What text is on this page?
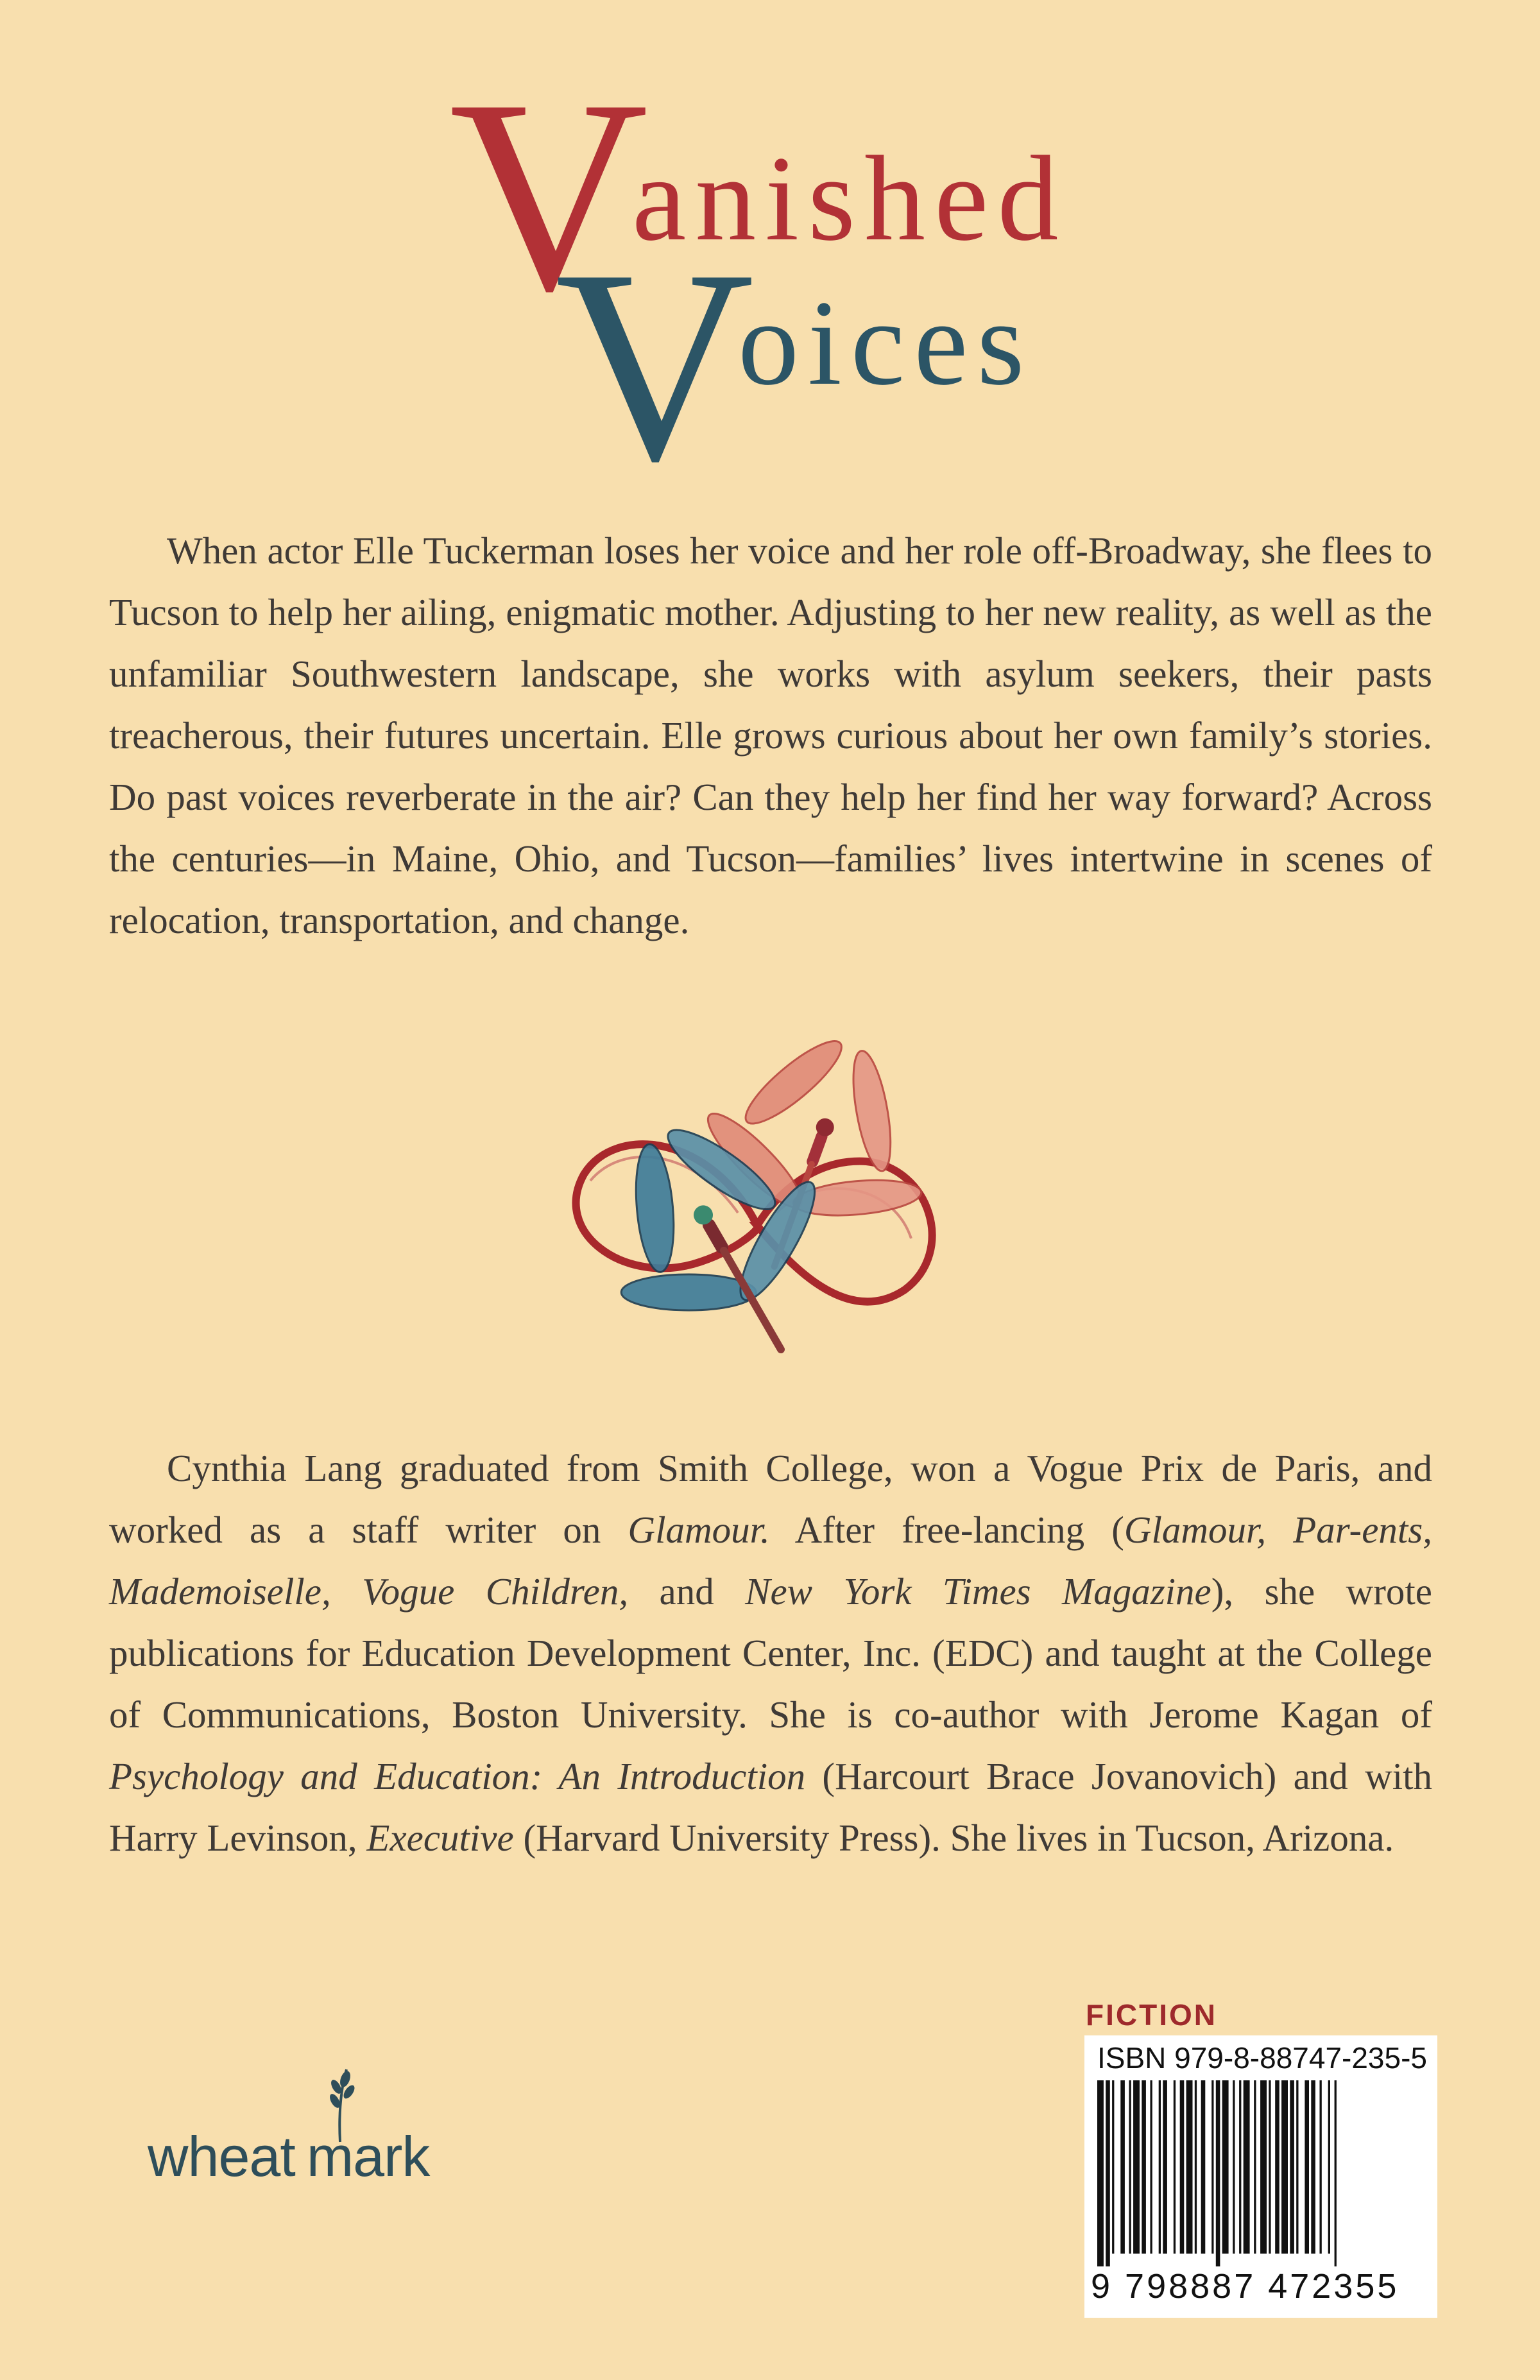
V
anished
V
oices

When actor Elle Tuckerman loses her voice and her role off-Broadway, she flees to Tucson to help her ailing, enigmatic mother. Adjusting to her new reality, as well as the unfamiliar Southwestern landscape, she works with asylum seekers, their pasts treacherous, their futures uncertain. Elle grows curious about her own family’s stories. Do past voices reverberate in the air? Can they help her find her way forward? Across the centuries—in Maine, Ohio, and Tucson—families’ lives intertwine in scenes of relocation, transportation, and change.

Cynthia Lang graduated from Smith College, won a Vogue Prix de Paris, and worked as a staff writer on Glamour. After free-lancing (Glamour, Par-ents, Mademoiselle, Vogue Children, and New York Times Magazine), she wrote publications for Education Development Center, Inc. (EDC) and taught at the College of Communications, Boston University. She is co-author with Jerome Kagan of Psychology and Education: An Introduction (Harcourt Brace Jovanovich) and with Harry Levinson, Executive (Harvard University Press). She lives in Tucson, Arizona.

wheat mark
FICTION
ISBN 979-8-88747-235-5
9 798887 472355
